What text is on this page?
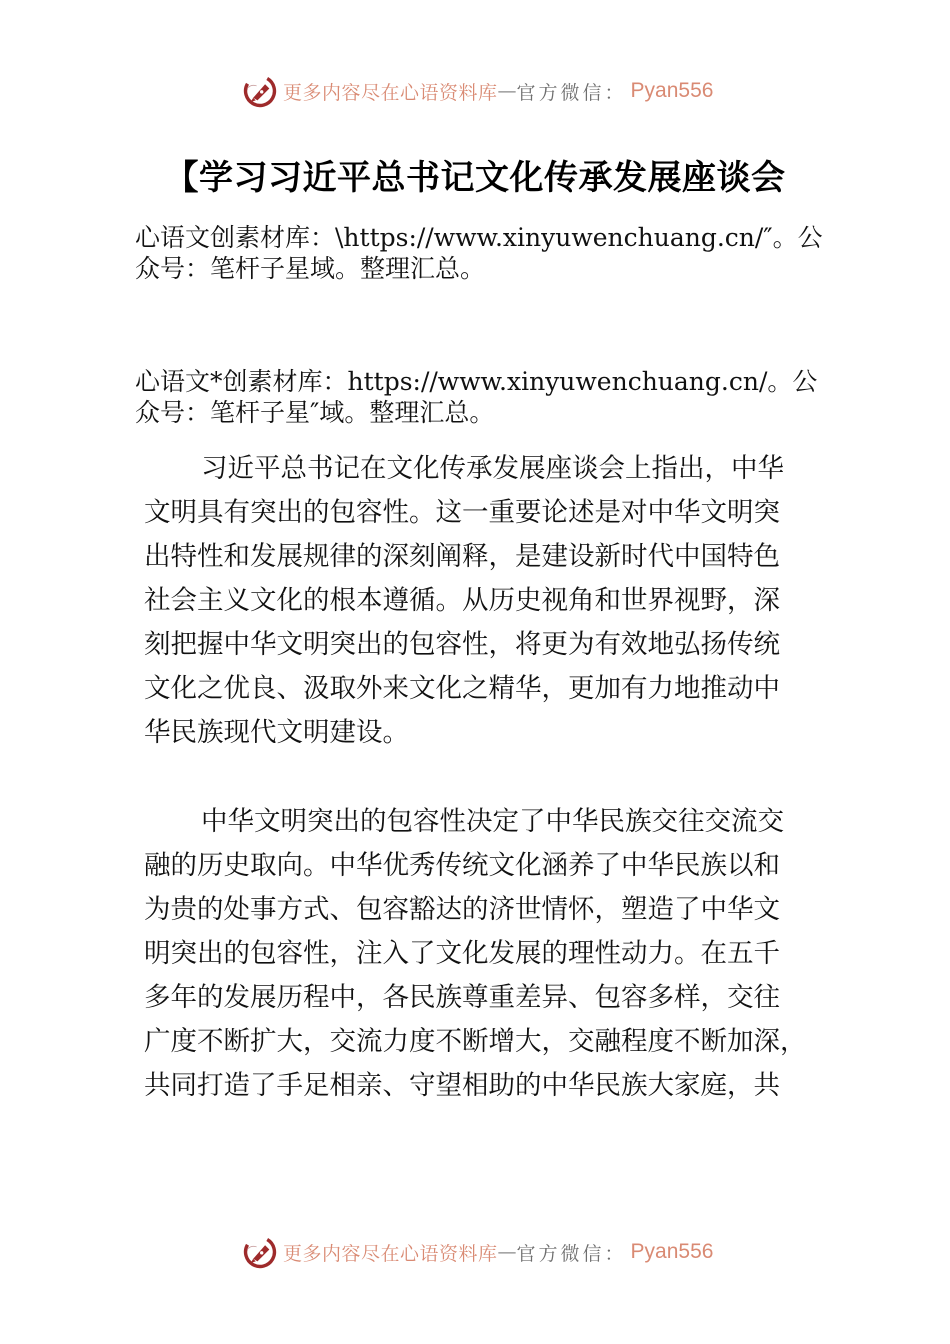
更多内容尽在心语资料库 — 官方微信： Pyan556
【学习习近平总书记文化传承发展座谈会
心语文创素材库：\https://www.xinyuwenchuang.cn/″。公
众号：笔杆子星域。整理汇总。
心语文*创素材库：https://www.xinyuwenchuang.cn/。公
众号：笔杆子星″域。整理汇总。
习近平总书记在文化传承发展座谈会上指出，中华
文明具有突出的包容性。这一重要论述是对中华文明突
出特性和发展规律的深刻阐释，是建设新时代中国特色
社会主义文化的根本遵循。从历史视角和世界视野，深
刻把握中华文明突出的包容性，将更为有效地弘扬传统
文化之优良、汲取外来文化之精华，更加有力地推动中
华民族现代文明建设。
中华文明突出的包容性决定了中华民族交往交流交
融的历史取向。中华优秀传统文化涵养了中华民族以和
为贵的处事方式、包容豁达的济世情怀，塑造了中华文
明突出的包容性，注入了文化发展的理性动力。在五千
多年的发展历程中，各民族尊重差异、包容多样，交往
广度不断扩大，交流力度不断增大，交融程度不断加深，
共同打造了手足相亲、守望相助的中华民族大家庭，共
更多内容尽在心语资料库 — 官方微信： Pyan556
